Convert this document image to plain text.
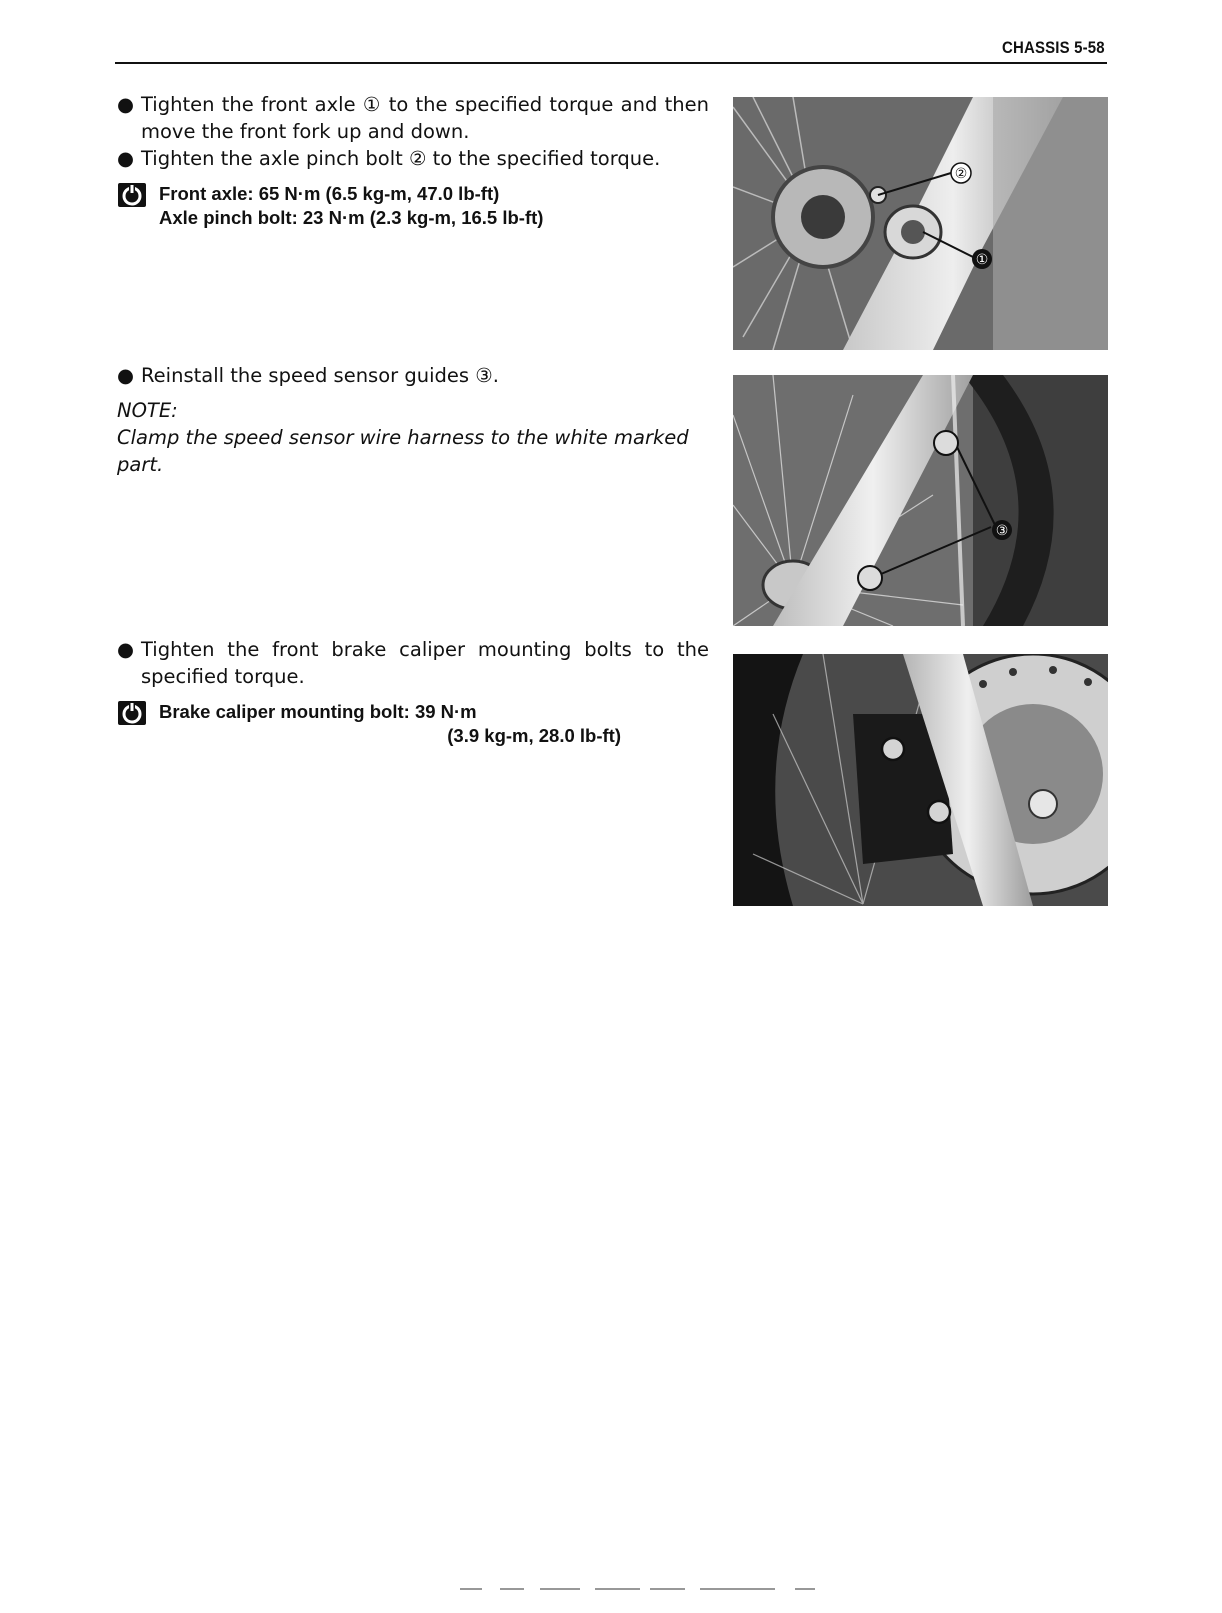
CHASSIS 5-58
● Tighten the front axle ① to the specified torque and then move the front fork up and down.
● Tighten the axle pinch bolt ② to the specified torque.
Front axle: 65 N·m (6.5 kg-m, 47.0 lb-ft)
Axle pinch bolt: 23 N·m (2.3 kg-m, 16.5 lb-ft)
● Reinstall the speed sensor guides ③.
NOTE:
Clamp the speed sensor wire harness to the white marked part.
● Tighten the front brake caliper mounting bolts to the specified torque.
Brake caliper mounting bolt: 39 N·m
(3.9 kg-m, 28.0 lb-ft)
②
①
③
